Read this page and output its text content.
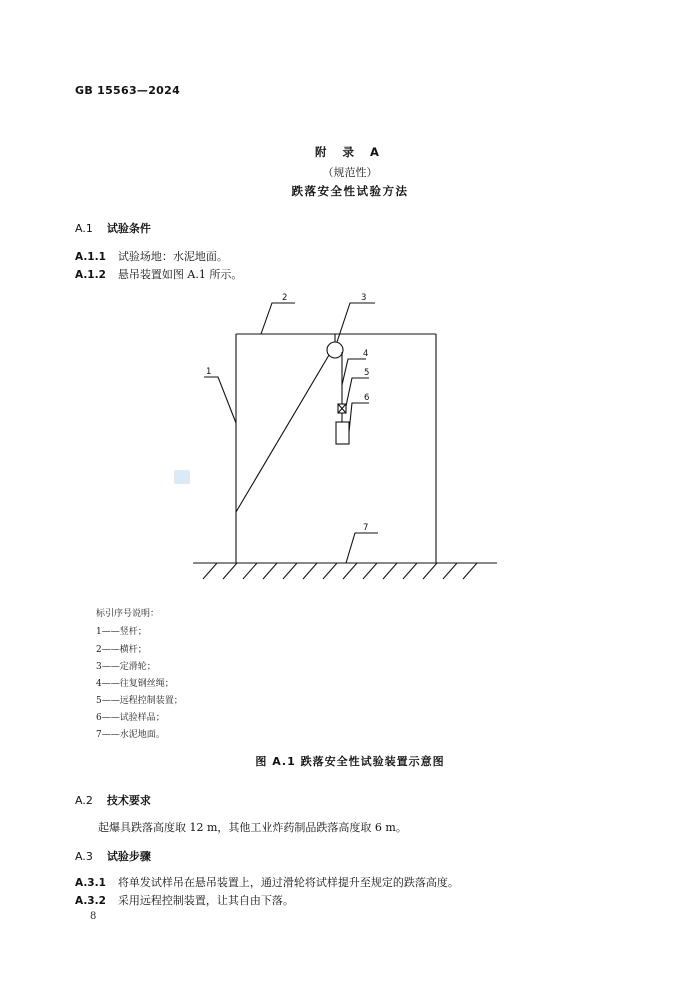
GB 15563—2024
附 录 A
（规范性）
跌落安全性试验方法
A.1 试验条件
A.1.1 试验场地：水泥地面。
A.1.2 悬吊装置如图 A.1 所示。
1
2	3
4
5
6
7
标引序号说明：
1——竖杆；
2——横杆；
3——定滑轮；
4——往复钢丝绳；
5——远程控制装置；
6——试验样品；
7——水泥地面。
图 A.1 跌落安全性试验装置示意图
A.2 技术要求
起爆具跌落高度取 12 m，其他工业炸药制品跌落高度取 6 m。
A.3 试验步骤
A.3.1 将单发试样吊在悬吊装置上，通过滑轮将试样提升至规定的跌落高度。
A.3.2 采用远程控制装置，让其自由下落。
8
